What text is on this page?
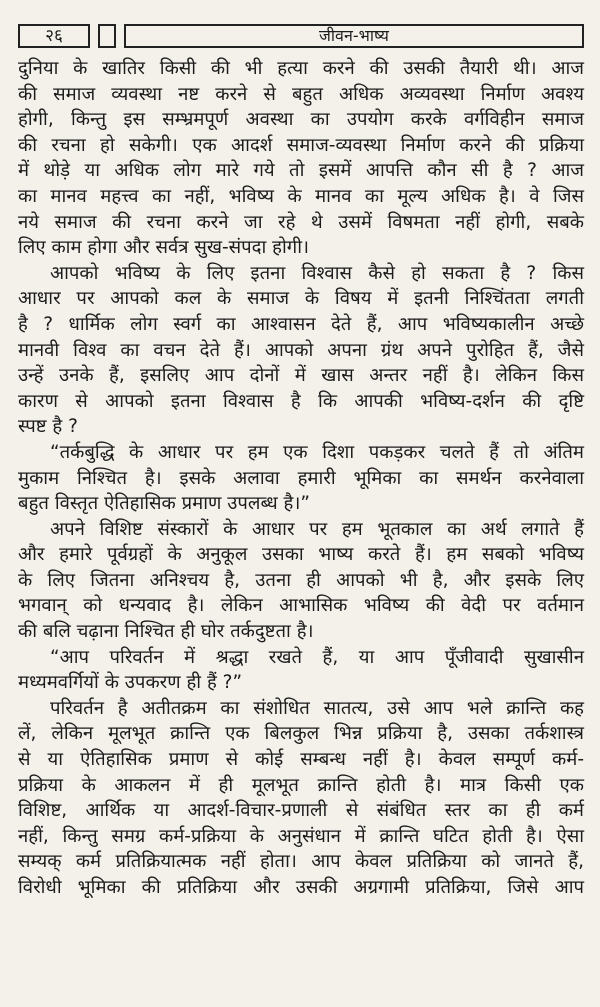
२६	जीवन-भाष्य
दुनिया के खातिर किसी की भी हत्या करने की उसकी तैयारी थी। आज
की समाज व्यवस्था नष्ट करने से बहुत अधिक अव्यवस्था निर्माण अवश्य
होगी, किन्तु इस सम्भ्रमपूर्ण अवस्था का उपयोग करके वर्गविहीन समाज
की रचना हो सकेगी। एक आदर्श समाज-व्यवस्था निर्माण करने की प्रक्रिया
में थोड़े या अधिक लोग मारे गये तो इसमें आपत्ति कौन सी है ? आज
का मानव महत्त्व का नहीं, भविष्य के मानव का मूल्य अधिक है। वे जिस
नये समाज की रचना करने जा रहे थे उसमें विषमता नहीं होगी, सबके
लिए काम होगा और सर्वत्र सुख-संपदा होगी।
आपको भविष्य के लिए इतना विश्वास कैसे हो सकता है ? किस
आधार पर आपको कल के समाज के विषय में इतनी निश्चिंतता लगती
है ? धार्मिक लोग स्वर्ग का आश्वासन देते हैं, आप भविष्यकालीन अच्छे
मानवी विश्व का वचन देते हैं। आपको अपना ग्रंथ अपने पुरोहित हैं, जैसे
उन्हें उनके हैं, इसलिए आप दोनों में खास अन्तर नहीं है। लेकिन किस
कारण से आपको इतना विश्वास है कि आपकी भविष्य-दर्शन की दृष्टि
स्पष्ट है ?
“तर्कबुद्धि के आधार पर हम एक दिशा पकड़कर चलते हैं तो अंतिम
मुकाम निश्चित है। इसके अलावा हमारी भूमिका का समर्थन करनेवाला
बहुत विस्तृत ऐतिहासिक प्रमाण उपलब्ध है।”
अपने विशिष्ट संस्कारों के आधार पर हम भूतकाल का अर्थ लगाते हैं
और हमारे पूर्वग्रहों के अनुकूल उसका भाष्य करते हैं। हम सबको भविष्य
के लिए जितना अनिश्चय है, उतना ही आपको भी है, और इसके लिए
भगवान् को धन्यवाद है। लेकिन आभासिक भविष्य की वेदी पर वर्तमान
की बलि चढ़ाना निश्चित ही घोर तर्कदुष्टता है।
“आप परिवर्तन में श्रद्धा रखते हैं, या आप पूँजीवादी सुखासीन
मध्यमवर्गियों के उपकरण ही हैं ?”
परिवर्तन है अतीतक्रम का संशोधित सातत्य, उसे आप भले क्रान्ति कह
लें, लेकिन मूलभूत क्रान्ति एक बिलकुल भिन्न प्रक्रिया है, उसका तर्कशास्त्र
से या ऐतिहासिक प्रमाण से कोई सम्बन्ध नहीं है। केवल सम्पूर्ण कर्म-
प्रक्रिया के आकलन में ही मूलभूत क्रान्ति होती है। मात्र किसी एक
विशिष्ट, आर्थिक या आदर्श-विचार-प्रणाली से संबंधित स्तर का ही कर्म
नहीं, किन्तु समग्र कर्म-प्रक्रिया के अनुसंधान में क्रान्ति घटित होती है। ऐसा
सम्यक् कर्म प्रतिक्रियात्मक नहीं होता। आप केवल प्रतिक्रिया को जानते हैं,
विरोधी भूमिका की प्रतिक्रिया और उसकी अग्रगामी प्रतिक्रिया, जिसे आप
